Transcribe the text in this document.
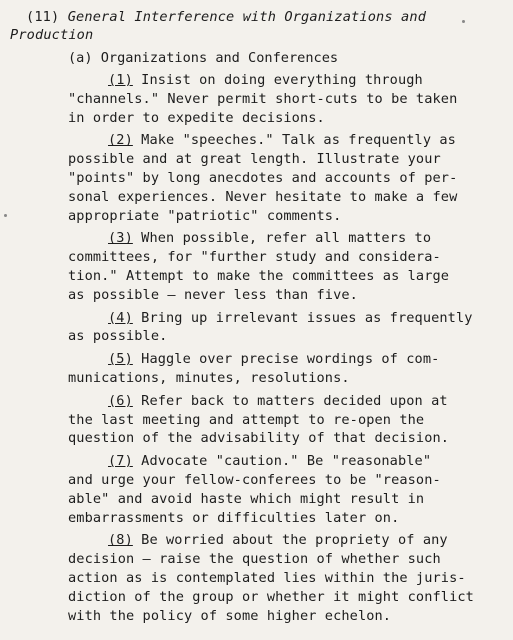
(11) General Interference with Organizations and
Production
(a) Organizations and Conferences
(1) Insist on doing everything through
"channels." Never permit short-cuts to be taken
in order to expedite decisions.
(2) Make "speeches." Talk as frequently as
possible and at great length. Illustrate your
"points" by long anecdotes and accounts of per-
sonal experiences. Never hesitate to make a few
appropriate "patriotic" comments.
(3) When possible, refer all matters to
committees, for "further study and considera-
tion." Attempt to make the committees as large
as possible — never less than five.
(4) Bring up irrelevant issues as frequently
as possible.
(5) Haggle over precise wordings of com-
munications, minutes, resolutions.
(6) Refer back to matters decided upon at
the last meeting and attempt to re-open the
question of the advisability of that decision.
(7) Advocate "caution." Be "reasonable"
and urge your fellow-conferees to be "reason-
able" and avoid haste which might result in
embarrassments or difficulties later on.
(8) Be worried about the propriety of any
decision — raise the question of whether such
action as is contemplated lies within the juris-
diction of the group or whether it might conflict
with the policy of some higher echelon.
